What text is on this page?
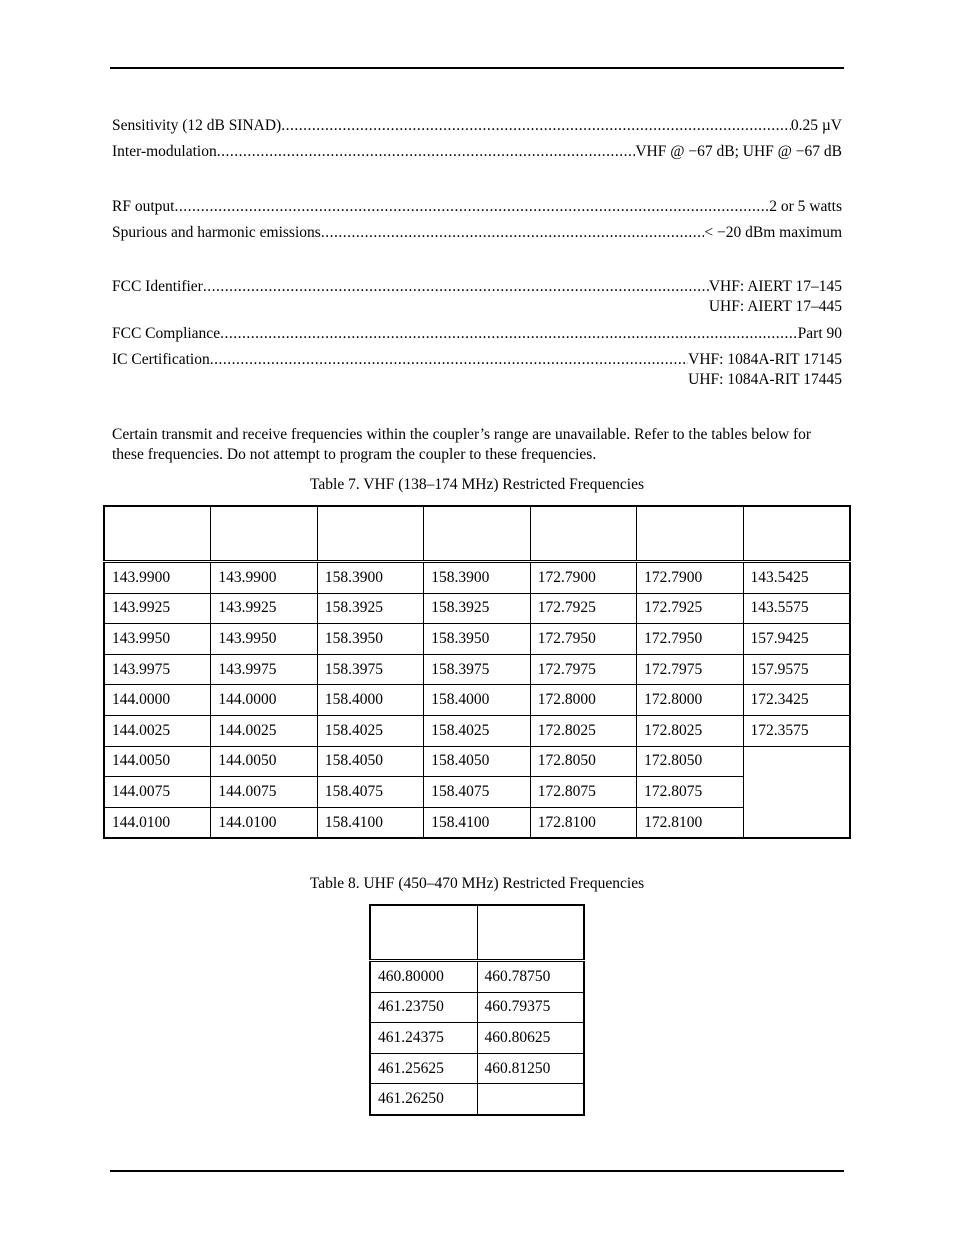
Sensitivity (12 dB SINAD) .....	0.25 µV
Inter-modulation .....	VHF @ −67 dB; UHF @ −67 dB
RF output .....	2 or 5 watts
Spurious and harmonic emissions .....	< −20 dBm maximum
FCC Identifier .....	VHF: AIERT 17–145
UHF: AIERT 17–445
FCC Compliance .....	Part 90
IC Certification .....	VHF: 1084A-RIT 17145
UHF: 1084A-RIT 17445

Certain transmit and receive frequencies within the coupler’s range are unavailable. Refer to the tables below for these frequencies. Do not attempt to program the coupler to these frequencies.

Table 7. VHF (138–174 MHz) Restricted Frequencies

143.9900	143.9900	158.3900	158.3900	172.7900	172.7900	143.5425
143.9925	143.9925	158.3925	158.3925	172.7925	172.7925	143.5575
143.9950	143.9950	158.3950	158.3950	172.7950	172.7950	157.9425
143.9975	143.9975	158.3975	158.3975	172.7975	172.7975	157.9575
144.0000	144.0000	158.4000	158.4000	172.8000	172.8000	172.3425
144.0025	144.0025	158.4025	158.4025	172.8025	172.8025	172.3575
144.0050	144.0050	158.4050	158.4050	172.8050	172.8050	
144.0075	144.0075	158.4075	158.4075	172.8075	172.8075	
144.0100	144.0100	158.4100	158.4100	172.8100	172.8100	
Table 8. UHF (450–470 MHz) Restricted Frequencies

460.80000	460.78750
461.23750	460.79375
461.24375	460.80625
461.25625	460.81250
461.26250	
